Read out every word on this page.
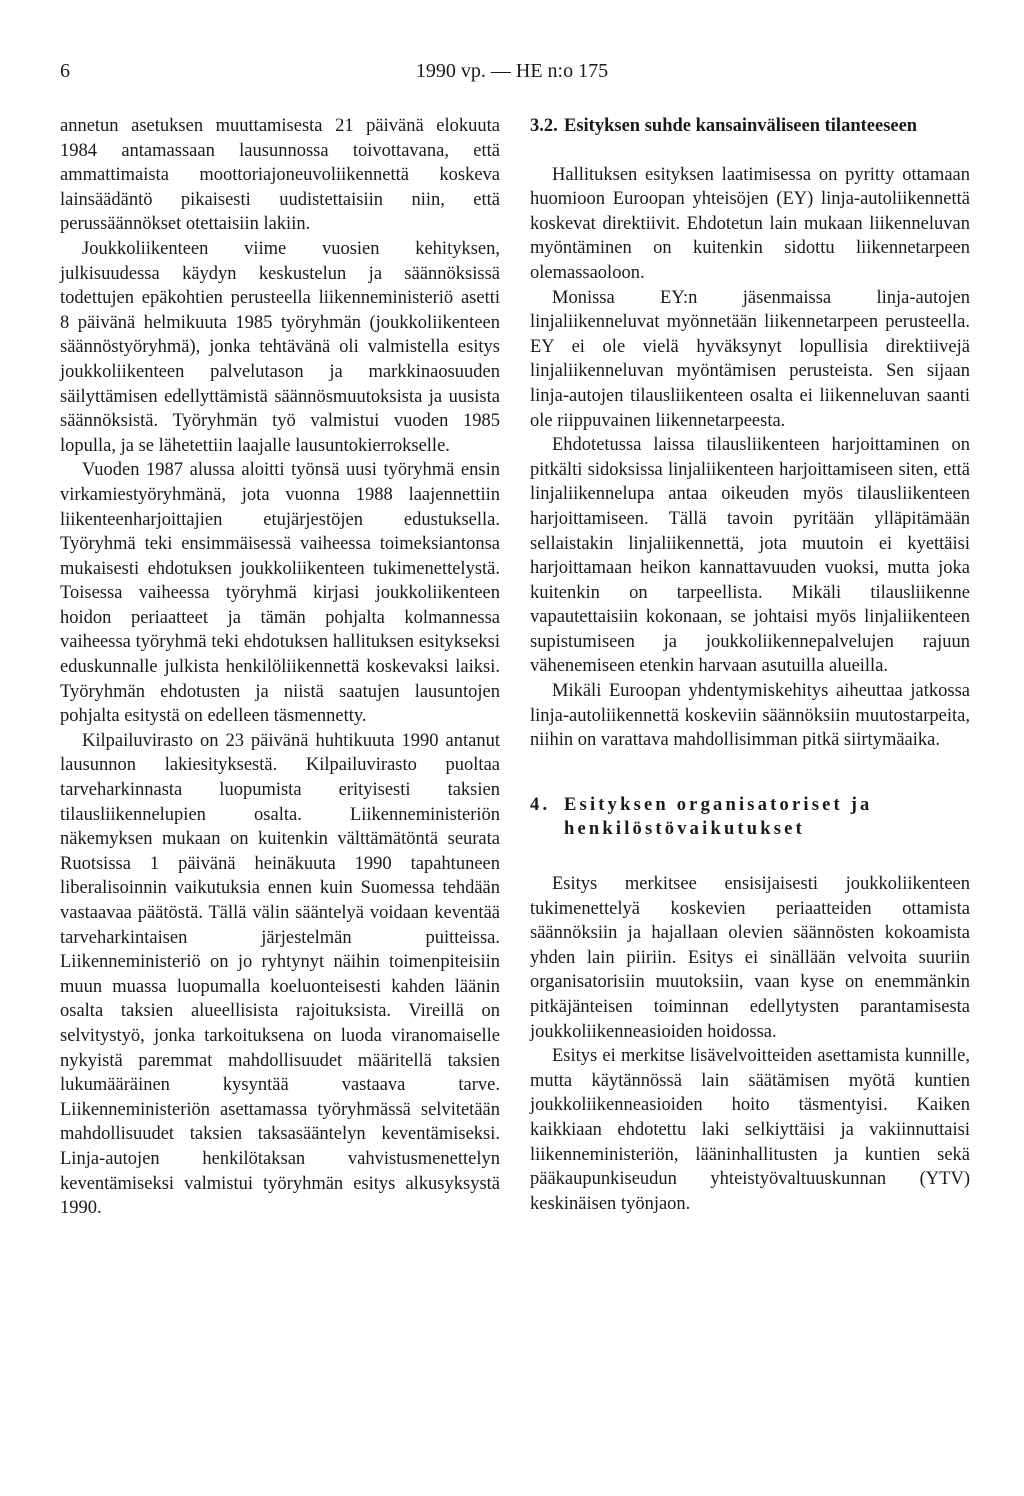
6	1990 vp. — HE n:o 175

annetun asetuksen muuttamisesta 21 päivänä elokuuta 1984 antamassaan lausunnossa toivottavana, että ammattimaista moottoriajoneuvoliikennettä koskeva lainsäädäntö pikaisesti uudistettaisiin niin, että perussäännökset otettaisiin lakiin.

Joukkoliikenteen viime vuosien kehityksen, julkisuudessa käydyn keskustelun ja säännöksissä todettujen epäkohtien perusteella liikenneministeriö asetti 8 päivänä helmikuuta 1985 työryhmän (joukkoliikenteen säännöstyöryhmä), jonka tehtävänä oli valmistella esitys joukkoliikenteen palvelutason ja markkinaosuuden säilyttämisen edellyttämistä säännösmuutoksista ja uusista säännöksistä. Työryhmän työ valmistui vuoden 1985 lopulla, ja se lähetettiin laajalle lausuntokierrokselle.

Vuoden 1987 alussa aloitti työnsä uusi työryhmä ensin virkamiestyöryhmänä, jota vuonna 1988 laajennettiin liikenteenharjoittajien etujärjestöjen edustuksella. Työryhmä teki ensimmäisessä vaiheessa toimeksiantonsa mukaisesti ehdotuksen joukkoliikenteen tukimenettelystä. Toisessa vaiheessa työryhmä kirjasi joukkoliikenteen hoidon periaatteet ja tämän pohjalta kolmannessa vaiheessa työryhmä teki ehdotuksen hallituksen esitykseksi eduskunnalle julkista henkilöliikennettä koskevaksi laiksi. Työryhmän ehdotusten ja niistä saatujen lausuntojen pohjalta esitystä on edelleen täsmennetty.

Kilpailuvirasto on 23 päivänä huhtikuuta 1990 antanut lausunnon lakiesityksestä. Kilpailuvirasto puoltaa tarveharkinnasta luopumista erityisesti taksien tilausliikennelupien osalta. Liikenneministeriön näkemyksen mukaan on kuitenkin välttämätöntä seurata Ruotsissa 1 päivänä heinäkuuta 1990 tapahtuneen liberalisoinnin vaikutuksia ennen kuin Suomessa tehdään vastaavaa päätöstä. Tällä välin sääntelyä voidaan keventää tarveharkintaisen järjestelmän puitteissa. Liikenneministeriö on jo ryhtynyt näihin toimenpiteisiin muun muassa luopumalla koeluonteisesti kahden läänin osalta taksien alueellisista rajoituksista. Vireillä on selvitystyö, jonka tarkoituksena on luoda viranomaiselle nykyistä paremmat mahdollisuudet määritellä taksien lukumääräinen kysyntää vastaava tarve. Liikenneministeriön asettamassa työryhmässä selvitetään mahdollisuudet taksien taksasääntelyn keventämiseksi. Linja-autojen henkilötaksan vahvistusmenettelyn keventämiseksi valmistui työryhmän esitys alkusyksystä 1990.

3.2. Esityksen suhde kansainväliseen tilanteeseen

Hallituksen esityksen laatimisessa on pyritty ottamaan huomioon Euroopan yhteisöjen (EY) linja-autoliikennettä koskevat direktiivit. Ehdotetun lain mukaan liikenneluvan myöntäminen on kuitenkin sidottu liikennetarpeen olemassaoloon.

Monissa EY:n jäsenmaissa linja-autojen linjaliikenneluvat myönnetään liikennetarpeen perusteella. EY ei ole vielä hyväksynyt lopullisia direktiivejä linjaliikenneluvan myöntämisen perusteista. Sen sijaan linja-autojen tilausliikenteen osalta ei liikenneluvan saanti ole riippuvainen liikennetarpeesta.

Ehdotetussa laissa tilausliikenteen harjoittaminen on pitkälti sidoksissa linjaliikenteen harjoittamiseen siten, että linjaliikennelupa antaa oikeuden myös tilausliikenteen harjoittamiseen. Tällä tavoin pyritään ylläpitämään sellaistakin linjaliikennettä, jota muutoin ei kyettäisi harjoittamaan heikon kannattavuuden vuoksi, mutta joka kuitenkin on tarpeellista. Mikäli tilausliikenne vapautettaisiin kokonaan, se johtaisi myös linjaliikenteen supistumiseen ja joukkoliikennepalvelujen rajuun vähenemiseen etenkin harvaan asutuilla alueilla.

Mikäli Euroopan yhdentymiskehitys aiheuttaa jatkossa linja-autoliikennettä koskeviin säännöksiin muutostarpeita, niihin on varattava mahdollisimman pitkä siirtymäaika.

4. Esityksen organisatoriset ja henkilöstövaikutukset

Esitys merkitsee ensisijaisesti joukkoliikenteen tukimenettelyä koskevien periaatteiden ottamista säännöksiin ja hajallaan olevien säännösten kokoamista yhden lain piiriin. Esitys ei sinällään velvoita suuriin organisatorisiin muutoksiin, vaan kyse on enemmänkin pitkäjänteisen toiminnan edellytysten parantamisesta joukkoliikenneasioiden hoidossa.

Esitys ei merkitse lisävelvoitteiden asettamista kunnille, mutta käytännössä lain säätämisen myötä kuntien joukkoliikenneasioiden hoito täsmentyisi. Kaiken kaikkiaan ehdotettu laki selkiyttäisi ja vakiinnuttaisi liikenneministeriön, lääninhallitusten ja kuntien sekä pääkaupunkiseudun yhteistyövaltuuskunnan (YTV) keskinäisen työnjaon.
